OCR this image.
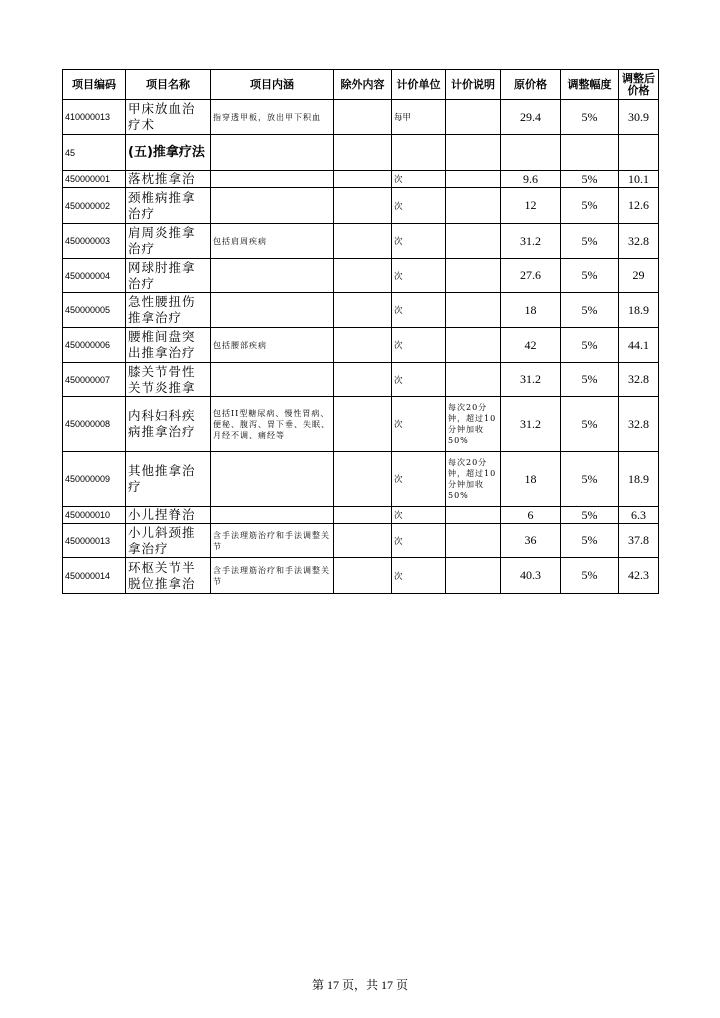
项目编码	项目名称	项目内涵	除外内容	计价单位	计价说明	原价格	调整幅度	调整后价格
410000013	甲床放血治疗术	指穿透甲板，放出甲下积血		每甲		29.4	5%	30.9
45	(五)推拿疗法							
450000001	落枕推拿治			次		9.6	5%	10.1
450000002	颈椎病推拿治疗			次		12	5%	12.6
450000003	肩周炎推拿治疗	包括肩周疾病		次		31.2	5%	32.8
450000004	网球肘推拿治疗			次		27.6	5%	29
450000005	急性腰扭伤推拿治疗			次		18	5%	18.9
450000006	腰椎间盘突出推拿治疗	包括腰部疾病		次		42	5%	44.1
450000007	膝关节骨性关节炎推拿			次		31.2	5%	32.8
450000008	内科妇科疾病推拿治疗	包括II型糖尿病、慢性胃病、便秘、腹泻、胃下垂、失眠、月经不调、痛经等		次	每次20分钟，超过10分钟加收50%	31.2	5%	32.8
450000009	其他推拿治疗			次	每次20分钟，超过10分钟加收50%	18	5%	18.9
450000010	小儿捏脊治			次		6	5%	6.3
450000013	小儿斜颈推拿治疗	含手法理筋治疗和手法调整关节		次		36	5%	37.8
450000014	环枢关节半脱位推拿治	含手法理筋治疗和手法调整关节		次		40.3	5%	42.3
第 17 页，共 17 页
